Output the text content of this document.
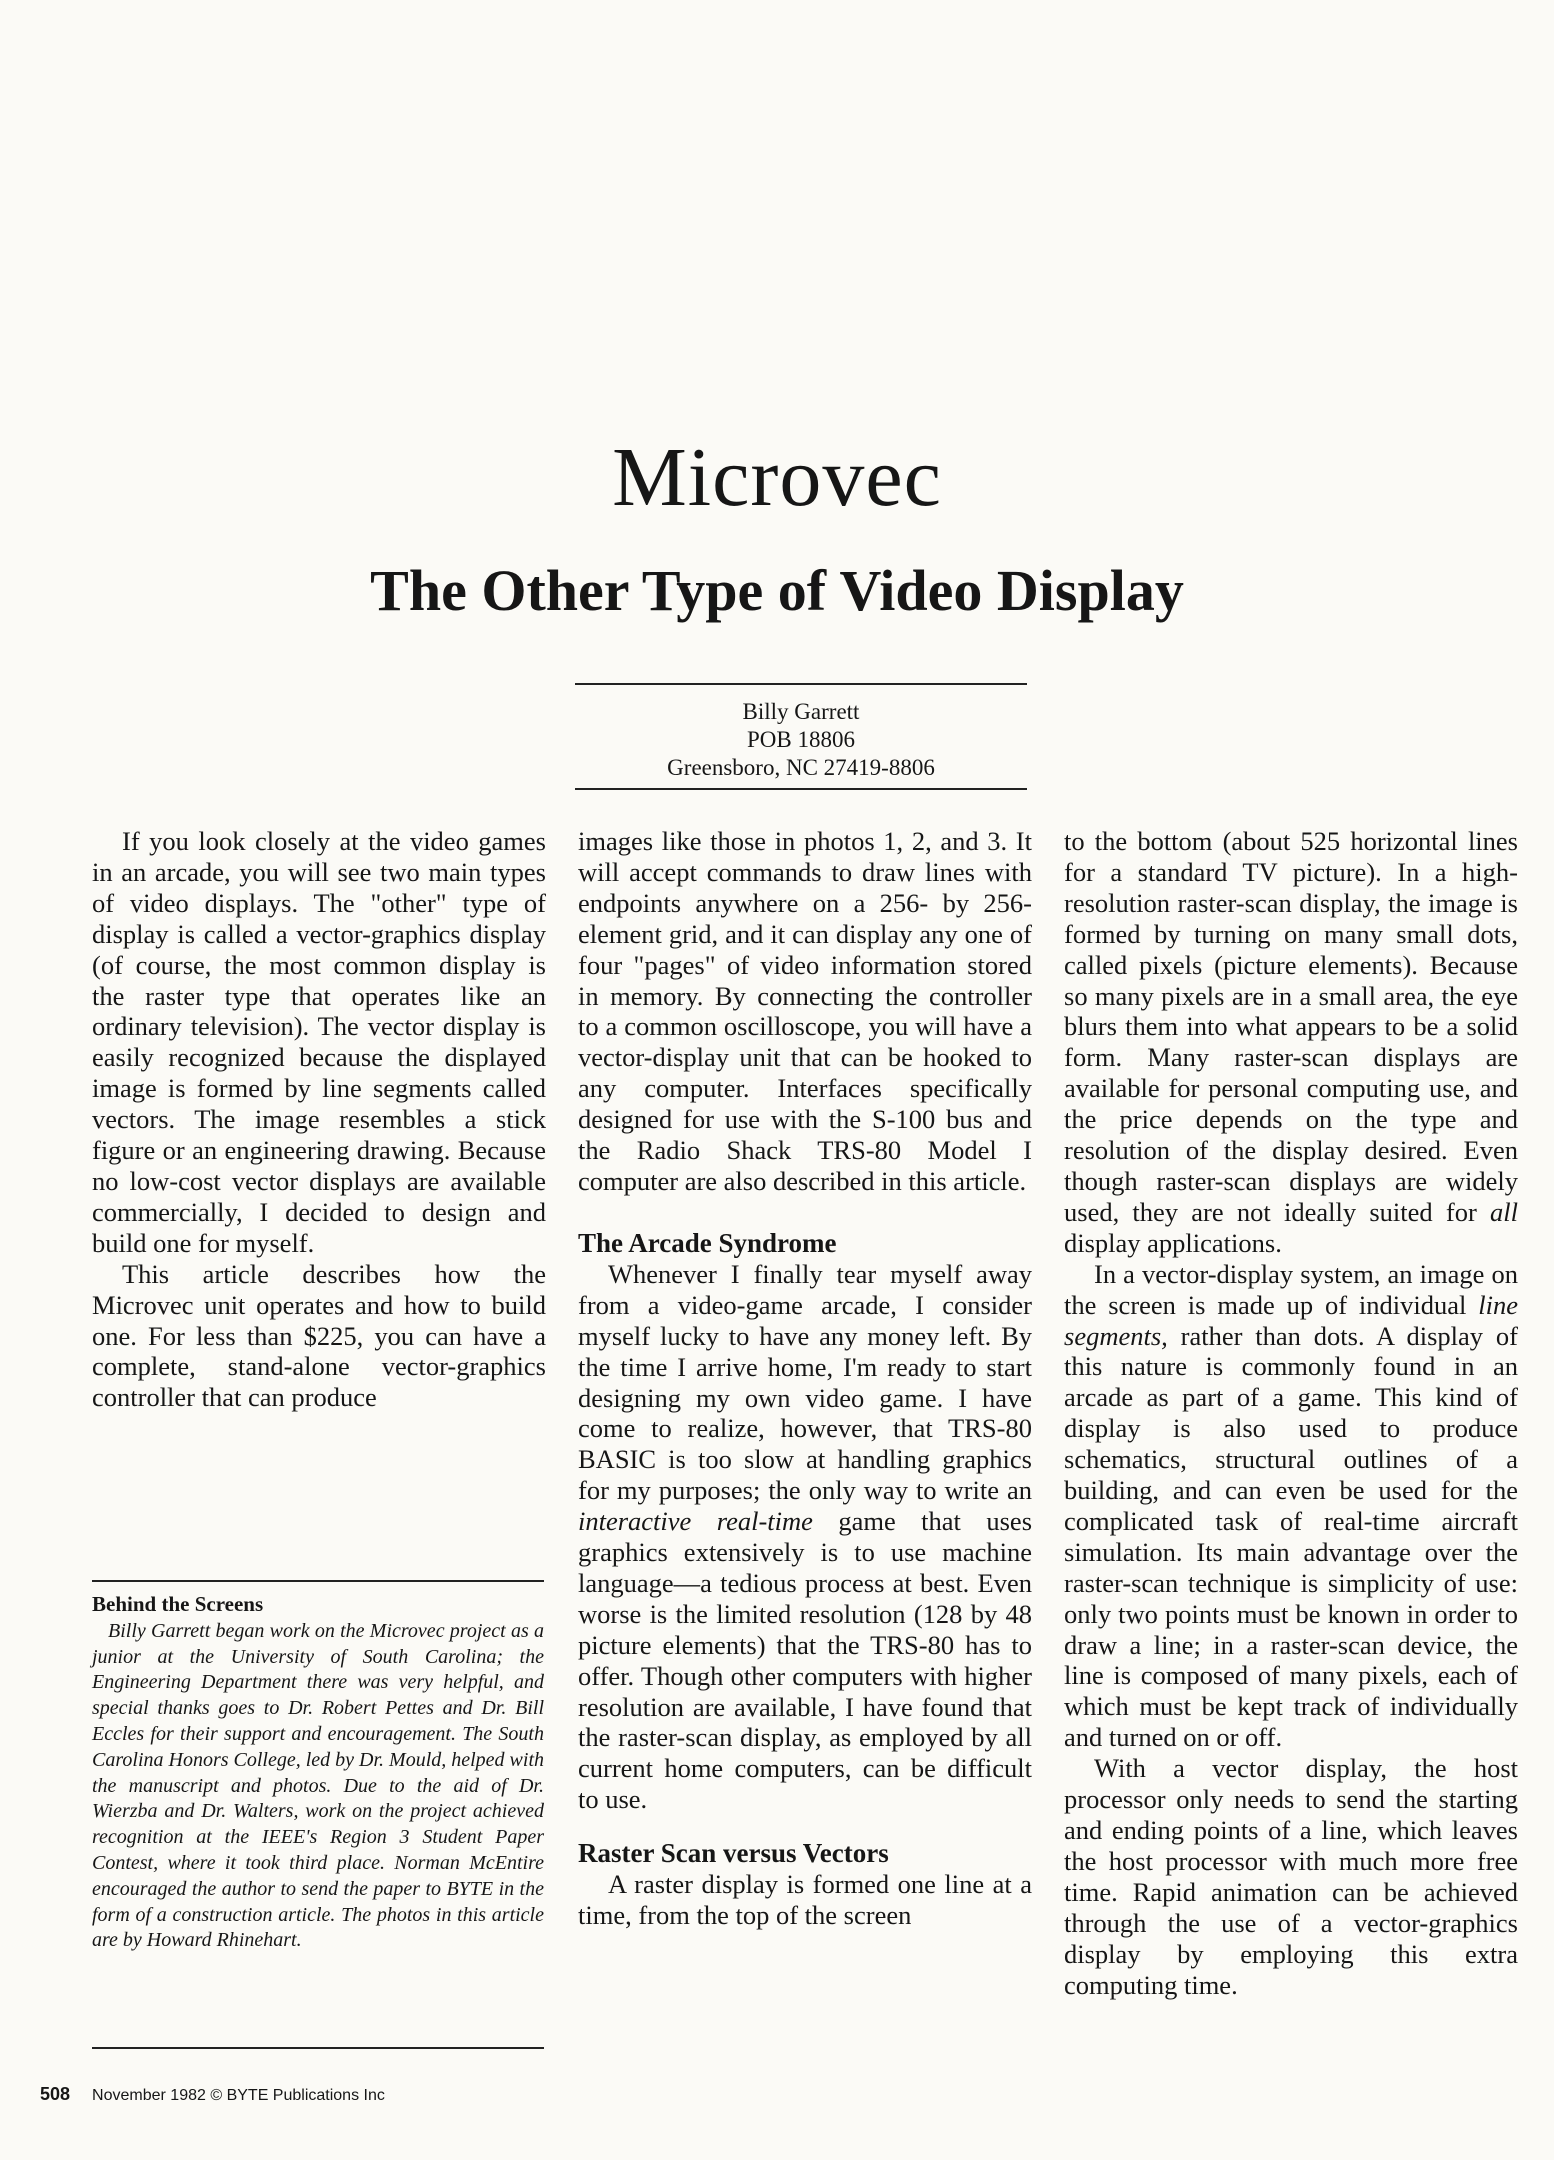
Microvec
The Other Type of Video Display
Billy Garrett
POB 18806
Greensboro, NC 27419-8806

If you look closely at the video games in an arcade, you will see two main types of video displays. The "other" type of display is called a vector-graphics display (of course, the most common display is the raster type that operates like an ordinary television). The vector display is easily recognized because the displayed image is formed by line segments called vectors. The image resembles a stick figure or an engineering drawing. Because no low-cost vector displays are available commercially, I decided to design and build one for myself.

This article describes how the Microvec unit operates and how to build one. For less than $225, you can have a complete, stand-alone vector-graphics controller that can produce

Behind the Screens

Billy Garrett began work on the Microvec project as a junior at the University of South Carolina; the Engineering Department there was very helpful, and special thanks goes to Dr. Robert Pettes and Dr. Bill Eccles for their support and encouragement. The South Carolina Honors College, led by Dr. Mould, helped with the manuscript and photos. Due to the aid of Dr. Wierzba and Dr. Walters, work on the project achieved recognition at the IEEE's Region 3 Student Paper Contest, where it took third place. Norman McEntire encouraged the author to send the paper to BYTE in the form of a construction article. The photos in this article are by Howard Rhinehart.

images like those in photos 1, 2, and 3. It will accept commands to draw lines with endpoints anywhere on a 256- by 256-element grid, and it can display any one of four "pages" of video information stored in memory. By connecting the controller to a common oscilloscope, you will have a vector-display unit that can be hooked to any computer. Interfaces specifically designed for use with the S-100 bus and the Radio Shack TRS-80 Model I computer are also described in this article.

The Arcade Syndrome

Whenever I finally tear myself away from a video-game arcade, I consider myself lucky to have any money left. By the time I arrive home, I'm ready to start designing my own video game. I have come to realize, however, that TRS-80 BASIC is too slow at handling graphics for my purposes; the only way to write an interactive real-time game that uses graphics extensively is to use machine language—a tedious process at best. Even worse is the limited resolution (128 by 48 picture elements) that the TRS-80 has to offer. Though other computers with higher resolution are available, I have found that the raster-scan display, as employed by all current home computers, can be difficult to use.

Raster Scan versus Vectors

A raster display is formed one line at a time, from the top of the screen

to the bottom (about 525 horizontal lines for a standard TV picture). In a high-resolution raster-scan display, the image is formed by turning on many small dots, called pixels (picture elements). Because so many pixels are in a small area, the eye blurs them into what appears to be a solid form. Many raster-scan displays are available for personal computing use, and the price depends on the type and resolution of the display desired. Even though raster-scan displays are widely used, they are not ideally suited for all display applications.

In a vector-display system, an image on the screen is made up of individual line segments, rather than dots. A display of this nature is commonly found in an arcade as part of a game. This kind of display is also used to produce schematics, structural outlines of a building, and can even be used for the complicated task of real-time aircraft simulation. Its main advantage over the raster-scan technique is simplicity of use: only two points must be known in order to draw a line; in a raster-scan device, the line is composed of many pixels, each of which must be kept track of individually and turned on or off.

With a vector display, the host processor only needs to send the starting and ending points of a line, which leaves the host processor with much more free time. Rapid animation can be achieved through the use of a vector-graphics display by employing this extra computing time.

508 November 1982 © BYTE Publications Inc
